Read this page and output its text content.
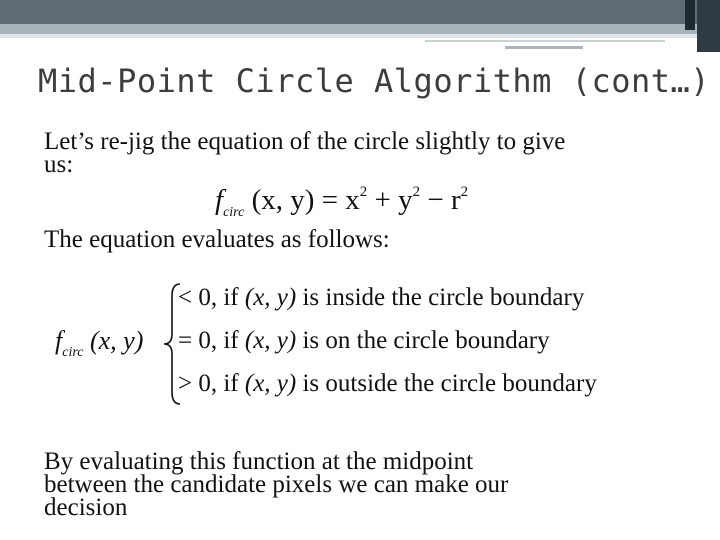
Mid-Point Circle Algorithm (cont…)
Let’s re-jig the equation of the circle slightly to give
us:
$f_{circ}$ (x, $y) = x^2 + y^2 - r^2$
The equation evaluates as follows:
$f_{circ}$ (x, y)
< 0, if (x, y) is inside the circle boundary
= 0, if (x, y) is on the circle boundary
> 0, if (x, y) is outside the circle boundary
By evaluating this function at the midpoint
between the candidate pixels we can make our
decision
